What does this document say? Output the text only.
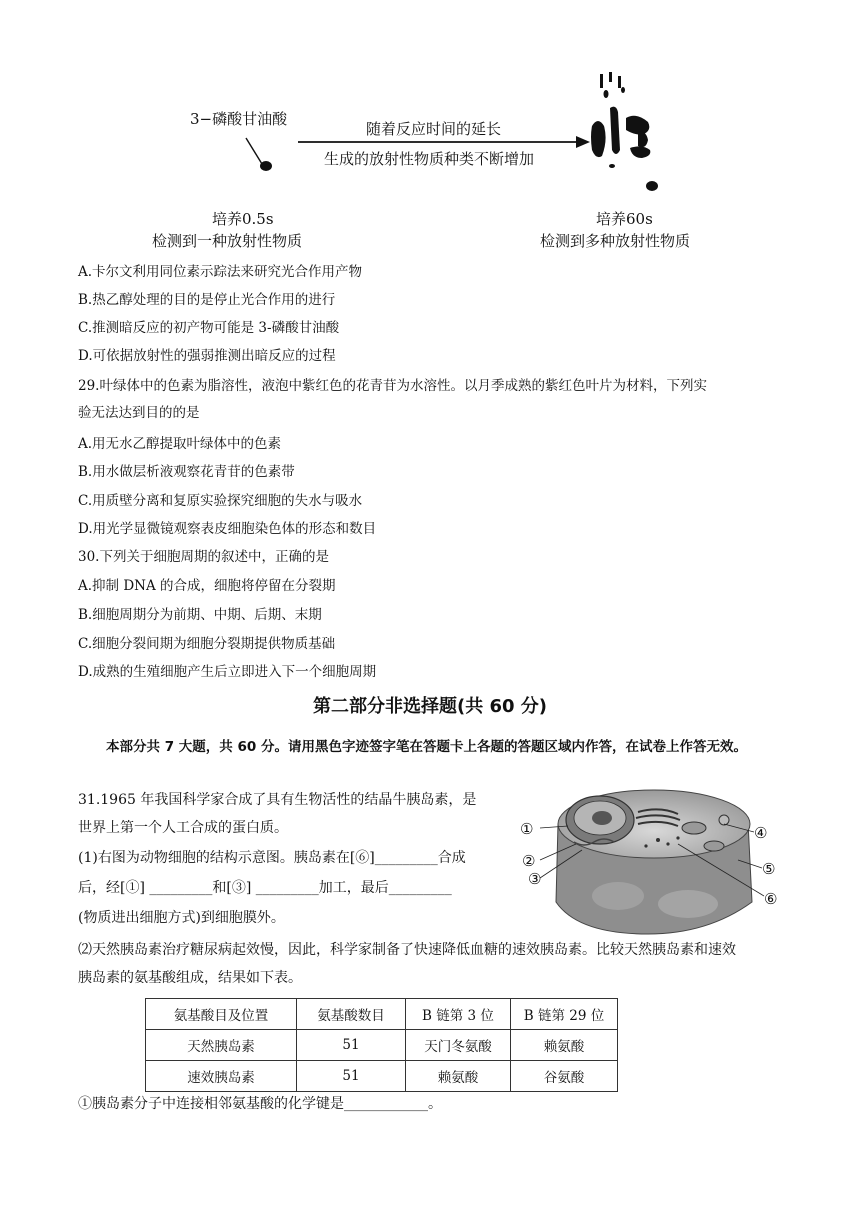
3−磷酸甘油酸
随着反应时间的延长
生成的放射性物质种类不断增加
培养0.5s
检测到一种放射性物质
培养60s
检测到多种放射性物质
A.卡尔文利用同位素示踪法来研究光合作用产物
B.热乙醇处理的目的是停止光合作用的进行
C.推测暗反应的初产物可能是 3-磷酸甘油酸
D.可依据放射性的强弱推测出暗反应的过程
29.叶绿体中的色素为脂溶性，液泡中紫红色的花青苷为水溶性。以月季成熟的紫红色叶片为材料，下列实
验无法达到目的的是
A.用无水乙醇提取叶绿体中的色素
B.用水做层析液观察花青苷的色素带
C.用质壁分离和复原实验探究细胞的失水与吸水
D.用光学显微镜观察表皮细胞染色体的形态和数目
30.下列关于细胞周期的叙述中，正确的是
A.抑制 DNA 的合成，细胞将停留在分裂期
B.细胞周期分为前期、中期、后期、末期
C.细胞分裂间期为细胞分裂期提供物质基础
D.成熟的生殖细胞产生后立即进入下一个细胞周期
第二部分非选择题(共 60 分)
本部分共 7 大题，共 60 分。请用黑色字迹签字笔在答题卡上各题的答题区域内作答，在试卷上作答无效。
31.1965 年我国科学家合成了具有生物活性的结晶牛胰岛素，是
世界上第一个人工合成的蛋白质。
(1)右图为动物细胞的结构示意图。胰岛素在[⑥]_________合成
后，经[①] _________和[③] _________加工，最后_________
(物质进出细胞方式)到细胞膜外。
⑵天然胰岛素治疗糖尿病起效慢，因此，科学家制备了快速降低血糖的速效胰岛素。比较天然胰岛素和速效
胰岛素的氨基酸组成，结果如下表。
①
②
③
④
⑤
⑥
氨基酸目及位置	氨基酸数目	B 链第 3 位	B 链第 29 位
天然胰岛素	51	天门冬氨酸	赖氨酸
速效胰岛素	51	赖氨酸	谷氨酸
①胰岛素分子中连接相邻氨基酸的化学键是____________。
